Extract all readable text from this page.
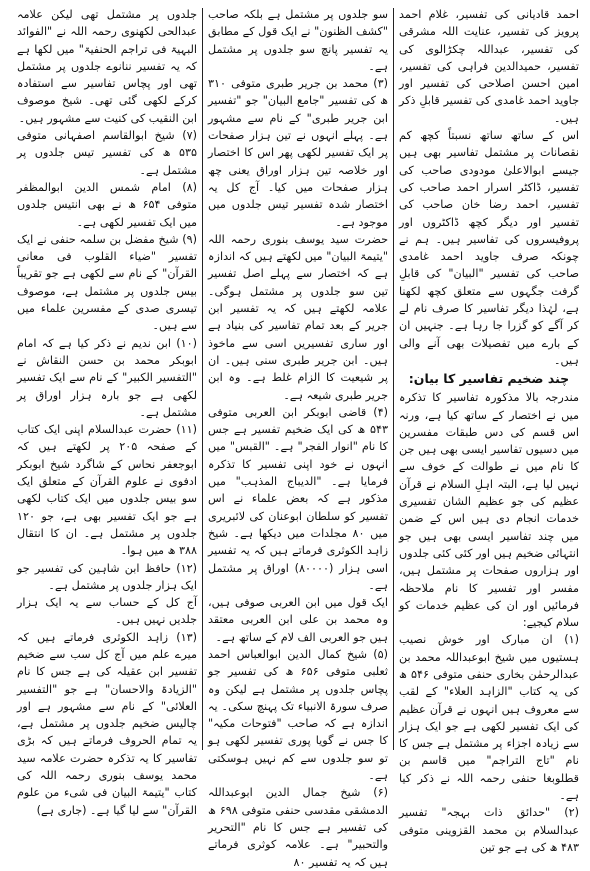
احمد قادیانی کی تفسیر، غلام احمد پرویز کی تفسیر، عنایت اللہ مشرقی کی تفسیر، عبداللہ چکڑالوی کی تفسیر، حمیدالدین فراہی کی تفسیر، امین احسن اصلاحی کی تفسیر اور جاوید احمد غامدی کی تفسیر قابلِ ذکر ہیں۔

اس کے ساتھ ساتھ نسبتاً کچھ کم نقصانات پر مشتمل تفاسیر بھی ہیں جیسے ابوالاعلیٰ مودودی صاحب کی تفسیر، ڈاکٹر اسرار احمد صاحب کی تفسیر، احمد رضا خان صاحب کی تفسیر اور دیگر کچھ ڈاکٹروں اور پروفیسروں کی تفاسیر ہیں۔ ہم نے چونکہ صرف جاوید احمد غامدی صاحب کی تفسیر "البیان" کی قابلِ گرفت جگہوں سے متعلق کچھ لکھنا ہے، لہٰذا دیگر تفاسیر کا صرف نام لے کر آگے کو گزرا جا رہا ہے۔ جنہیں ان کے بارے میں تفصیلات بھی آنے والی ہیں۔

چند ضخیم تفاسیر کا بیان:

مندرجہ بالا مذکورہ تفاسیر کا تذکرہ میں نے اختصار کے ساتھ کیا ہے، ورنہ اس قسم کی دس طبقات مفسرین میں دسیوں تفاسیر ایسی بھی ہیں جن کا نام میں نے طوالت کے خوف سے نہیں لیا ہے، البتہ اہلِ السلام نے قرآن عظیم کی جو عظیم الشان تفسیری خدمات انجام دی ہیں اس کے ضمن میں چند تفاسیر ایسی بھی ہیں جو انتہائی ضخیم ہیں اور کئی کئی جلدوں اور ہزاروں صفحات پر مشتمل ہیں، مفسر اور تفسیر کا نام ملاحظہ فرمائیں اور ان کی عظیم خدمات کو سلام کیجیے:

(۱) ان مبارک اور خوش نصیب ہستیوں میں شیخ ابوعبداللہ محمد بن عبدالرحمٰن بخاری حنفی متوفی ۵۴۶ ھ کی یہ کتاب "الزاہد العلاء" کے لقب سے معروف ہیں انہوں نے قرآن عظیم کی ایک تفسیر لکھی ہے جو ایک ہزار سے زیادہ اجزاء پر مشتمل ہے جس کا نام "تاج التراجم" میں قاسم بن قطلوبغا حنفی رحمہ اللہ نے ذکر کیا ہے۔

(۲) "حدائق ذات بہجہ" تفسیر عبدالسلام بن محمد القزوینی متوفی ۴۸۳ ھ کی ہے جو تین

سو جلدوں پر مشتمل ہے بلکہ صاحب "کشف الظنون" نے ایک قول کے مطابق یہ تفسیر پانچ سو جلدوں پر مشتمل ہے۔

(۳) محمد بن جریر طبری متوفی ۳۱۰ ھ کی تفسیر "جامع البیان" جو "تفسیر ابن جریر طبری" کے نام سے مشہور ہے۔ پہلے انہوں نے تین ہزار صفحات پر ایک تفسیر لکھی پھر اس کا اختصار اور خلاصہ تین ہزار اوراق یعنی چھ ہزار صفحات میں کیا۔ آج کل یہ اختصار شدہ تفسیر تیس جلدوں میں موجود ہے۔

حضرت سید یوسف بنوری رحمہ اللہ "یتیمۃ البیان" میں لکھتے ہیں کہ اندازہ ہے کہ اختصار سے پہلے اصل تفسیر تین سو جلدوں پر مشتمل ہوگی۔ علامہ لکھتے ہیں کہ یہ تفسیر ابن جریر کے بعد تمام تفاسیر کی بنیاد ہے اور ساری تفسیریں اسی سے ماخوذ ہیں۔ ابن جریر طبری سنی ہیں۔ ان پر شیعیت کا الزام غلط ہے۔ وہ ابن جریر طبری شیعہ ہے۔

(۴) قاضی ابوبکر ابن العربی متوفی ۵۴۳ ھ کی ایک ضخیم تفسیر ہے جس کا نام "انوار الفجر" ہے۔ "القبس" میں انہوں نے خود اپنی تفسیر کا تذکرہ فرمایا ہے۔ "الدیباج المذہب" میں مذکور ہے کہ بعض علماء نے اس تفسیر کو سلطان ابوعنان کی لائبریری میں ۸۰ مجلدات میں دیکھا ہے۔ شیخ زاہد الکوثری فرماتے ہیں کہ یہ تفسیر اسی ہزار (۸۰۰۰۰) اوراق پر مشتمل ہے۔

ایک قول میں ابن العربی صوفی ہیں، وہ محمد بن علی ابن العربی معتقد ہیں جو العربی الف لام کے ساتھ ہے۔

(۵) شیخ کمال الدین ابوالعباس احمد ثعلبی متوفی ۶۵۶ ھ کی تفسیر جو پچاس جلدوں پر مشتمل ہے لیکن وہ صرف سورۃ الانبیاء تک پہنچ سکی۔ یہ اندازہ ہے کہ صاحب "فتوحات مکیہ" کا جس نے گویا پوری تفسیر لکھی ہو تو سو جلدوں سے کم نہیں ہوسکتی ہے۔

(۶) شیخ جمال الدین ابوعبداللہ الدمشقی مقدسی حنفی متوفی ۶۹۸ ھ کی تفسیر ہے جس کا نام "التحریر والتحبیر" ہے۔ علامہ کوثری فرماتے ہیں کہ یہ تفسیر ۸۰

جلدوں پر مشتمل تھی لیکن علامہ عبدالحی لکھنوی رحمہ اللہ نے "الفوائد البہیۃ فی تراجم الحنفیۃ" میں لکھا ہے کہ یہ تفسیر ننانوے جلدوں پر مشتمل تھی اور پچاس تفاسیر سے استفادہ کرکے لکھی گئی تھی۔ شیخ موصوف ابن النقیب کی کنیت سے مشہور ہیں۔

(۷) شیخ ابوالقاسم اصفہانی متوفی ۵۳۵ ھ کی تفسیر تیس جلدوں پر مشتمل ہے۔

(۸) امام شمس الدین ابوالمظفر متوفی ۶۵۴ ھ نے بھی انتیس جلدوں میں ایک تفسیر لکھی ہے۔

(۹) شیخ مفضل بن سلمہ حنفی نے ایک تفسیر "ضیاء القلوب فی معانی القرآن" کے نام سے لکھی ہے جو تقریباً بیس جلدوں پر مشتمل ہے، موصوف تیسری صدی کے مفسرین علماء میں سے ہیں۔

(۱۰) ابن ندیم نے ذکر کیا ہے کہ امام ابوبکر محمد بن حسن النقاش نے "التفسیر الکبیر" کے نام سے ایک تفسیر لکھی ہے جو بارہ ہزار اوراق پر مشتمل ہے۔

(۱۱) حضرت عبدالسلام اپنی ایک کتاب کے صفحہ ۲۰۵ پر لکھتے ہیں کہ ابوجعفر نحاس کے شاگرد شیخ ابوبکر ادفوی نے علوم القرآن کے متعلق ایک سو بیس جلدوں میں ایک کتاب لکھی ہے جو ایک تفسیر بھی ہے، جو ۱۲۰ جلدوں پر مشتمل ہے۔ ان کا انتقال ۳۸۸ ھ میں ہوا۔

(۱۲) حافظ ابن شاہین کی تفسیر جو ایک ہزار جلدوں پر مشتمل ہے۔

آج کل کے حساب سے یہ ایک ہزار جلدیں نہیں ہیں۔

(۱۳) زاہد الکوثری فرماتے ہیں کہ میرے علم میں آج کل سب سے ضخیم تفسیر ابن عقیلہ کی ہے جس کا نام "الزیادۃ والاحسان" ہے جو "التفسیر العلائی" کے نام سے مشہور ہے اور چالیس ضخیم جلدوں پر مشتمل ہے، یہ تمام الحروف فرماتے ہیں کہ بڑی تفاسیر کا یہ تذکرہ حضرت علامہ سید محمد یوسف بنوری رحمہ اللہ کی کتاب "یتیمۃ البیان فی شیء من علوم القرآن" سے لیا گیا ہے۔ (جاری ہے)
